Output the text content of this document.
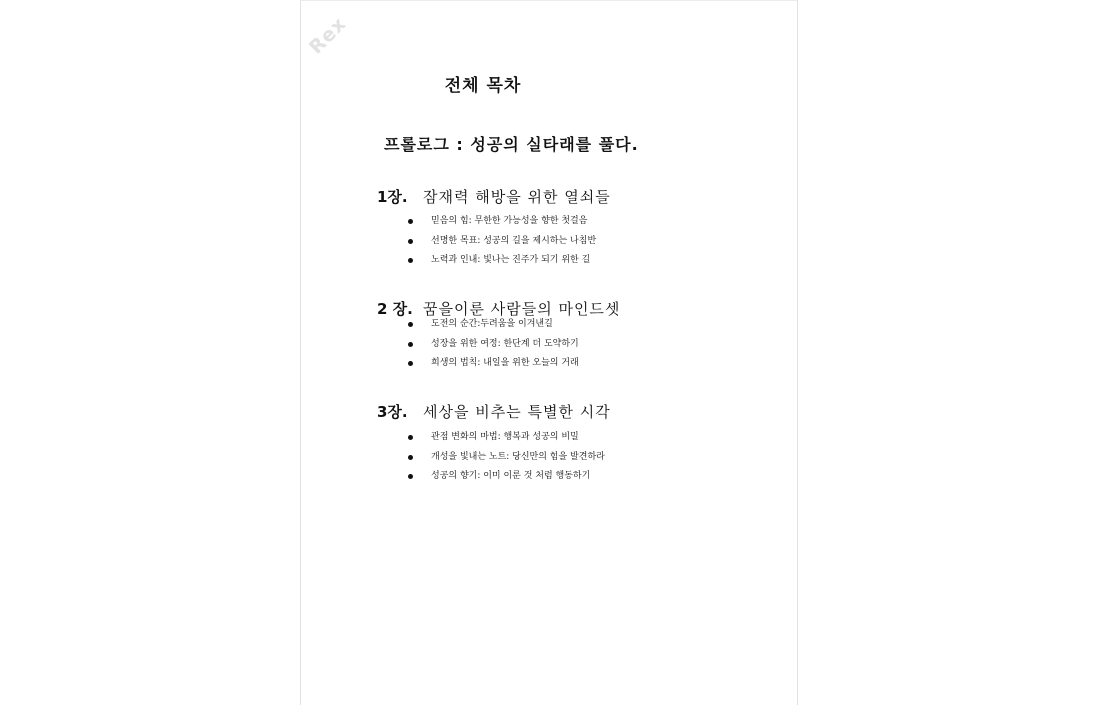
Rex
전체 목차
프롤로그 : 성공의 실타래를 풀다.
1장. 잠재력 해방을 위한 열쇠들
믿음의 힘: 무한한 가능성을 향한 첫걸음
선명한 목표: 성공의 길을 제시하는 나침반
노력과 인내: 빛나는 진주가 되기 위한 길
2 장. 꿈을이룬 사람들의 마인드셋
도전의 순간:두려움을 이겨낸길
성장을 위한 여정: 한단계 더 도약하기
희생의 법칙: 내일을 위한 오늘의 거래
3장. 세상을 비추는 특별한 시각
관점 변화의 마법: 행복과 성공의 비밀
개성을 빛내는 노트: 당신만의 힘을 발견하라
성공의 향기: 이미 이룬 것 처럼 행동하기
